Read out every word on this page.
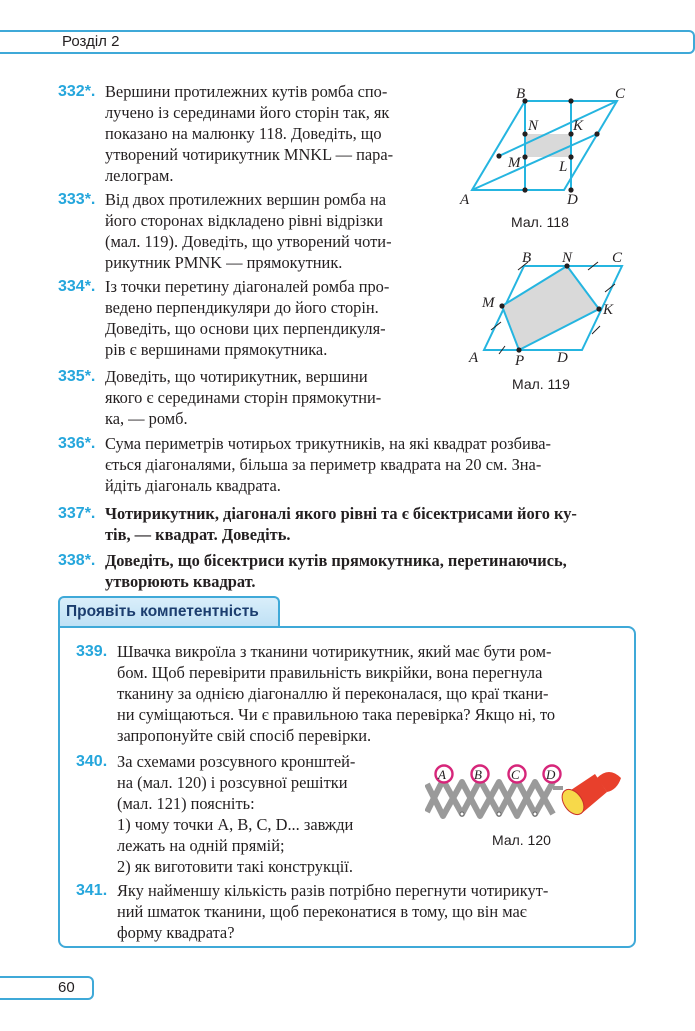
Розділ 2
332*. Вершини протилежних кутів ромба спо-
лучено із серединами його сторін так, як
показано на малюнку 118. Доведіть, що
утворений чотирикутник MNKL — пара-
лелограм.
333*. Від двох протилежних вершин ромба на
його сторонах відкладено рівні відрізки
(мал. 119). Доведіть, що утворений чоти-
рикутник PMNK — прямокутник.
334*. Із точки перетину діагоналей ромба про-
ведено перпендикуляри до його сторін.
Доведіть, що основи цих перпендикуля-
рів є вершинами прямокутника.
335*. Доведіть, що чотирикутник, вершини
якого є серединами сторін прямокутни-
ка, — ромб.
336*. Сума периметрів чотирьох трикутників, на які квадрат розбива-
ється діагоналями, більша за периметр квадрата на 20 см. Зна-
йдіть діагональ квадрата.
337*. Чотирикутник, діагоналі якого рівні та є бісектрисами його ку-
тів, — квадрат. Доведіть.
338*. Доведіть, що бісектриси кутів прямокутника, перетинаючись,
утворюють квадрат.
B	C
N K
M	L
A	D
Мал. 118
B N	C
M	K
A P D
Мал. 119
Проявіть компетентність
339. Швачка викроїла з тканини чотирикутник, який має бути ром-
бом. Щоб перевірити правильність викрійки, вона перегнула
тканину за однією діагоналлю й переконалася, що краї ткани-
ни суміщаються. Чи є правильною така перевірка? Якщо ні, то
запропонуйте свій спосіб перевірки.
340. За схемами розсувного кронштей-
на (мал. 120) і розсувної решітки
(мал. 121) поясніть:
1) чому точки A, B, C, D... завжди
лежать на одній прямій;
2) як виготовити такі конструкції.
A B C D
Мал. 120
341. Яку найменшу кількість разів потрібно перегнути чотирикут-
ний шматок тканини, щоб переконатися в тому, що він має
форму квадрата?
60
